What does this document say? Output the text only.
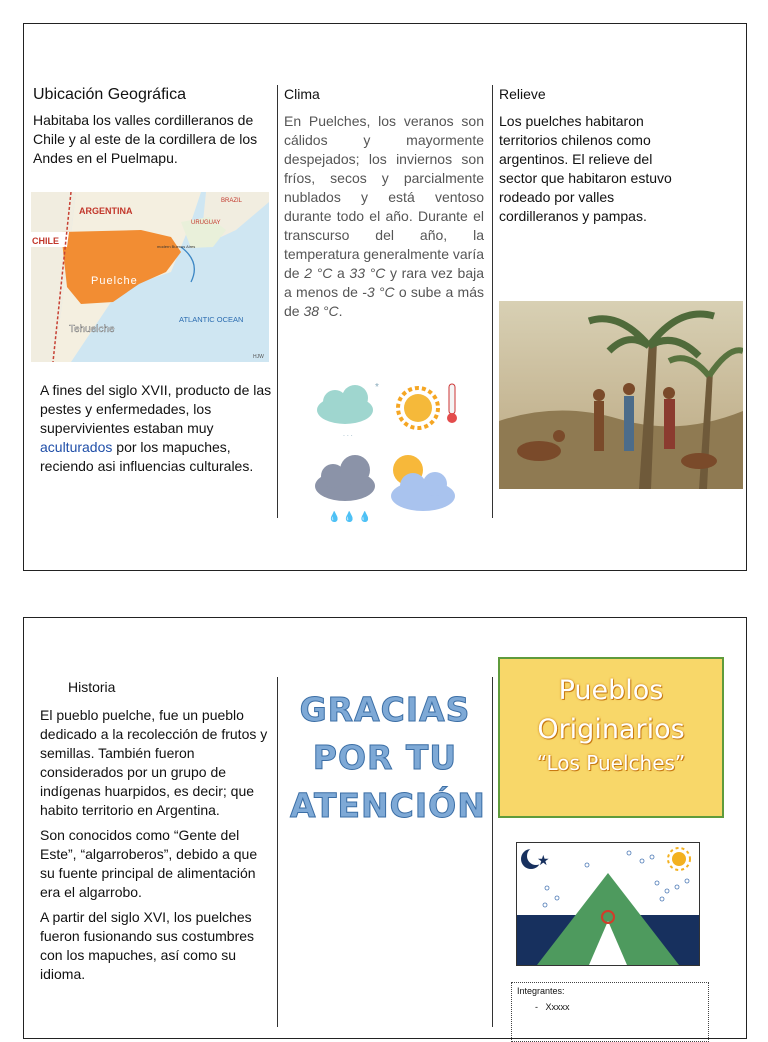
Ubicación Geográfica

Habitaba los valles cordilleranos de Chile y al este de la cordillera de los Andes en el Puelmapu.

ARGENTINA
CHILE
URUGUAY
BRAZIL
Puelche
Tehuelche
ATLANTIC OCEAN
modern Buenos Aires
HJW

A fines del siglo XVII, producto de las pestes y enfermedades, los supervivientes estaban muy aculturados por los mapuches, reciendo asi influencias culturales.

Clima

En Puelches, los veranos son cálidos y mayormente despejados; los inviernos son fríos, secos y parcialmente nublados y está ventoso durante todo el año. Durante el transcurso del año, la temperatura generalmente varía de 2 °C a 33 °C y rara vez baja a menos de -3 °C o sube a más de 38 °C.

*
. . .
💧 💧 💧
Relieve

Los puelches habitaron territorios chilenos como argentinos. El relieve del sector que habitaron estuvo rodeado por valles cordilleranos y pampas.

Historia

El pueblo puelche, fue un pueblo dedicado a la recolección de frutos y semillas. También fueron considerados por un grupo de indígenas huarpidos, es decir; que habito territorio en Argentina.

Son conocidos como “Gente del Este”, “algarroberos”, debido a que su fuente principal de alimentación era el algarrobo.

A partir del siglo XVI, los puelches fueron fusionando sus costumbres con los mapuches, así como su idioma.

GRACIAS
POR TU
ATENCIÓN
Pueblos
Originarios
“Los Puelches”
★
Integrantes:
-   Xxxxx
